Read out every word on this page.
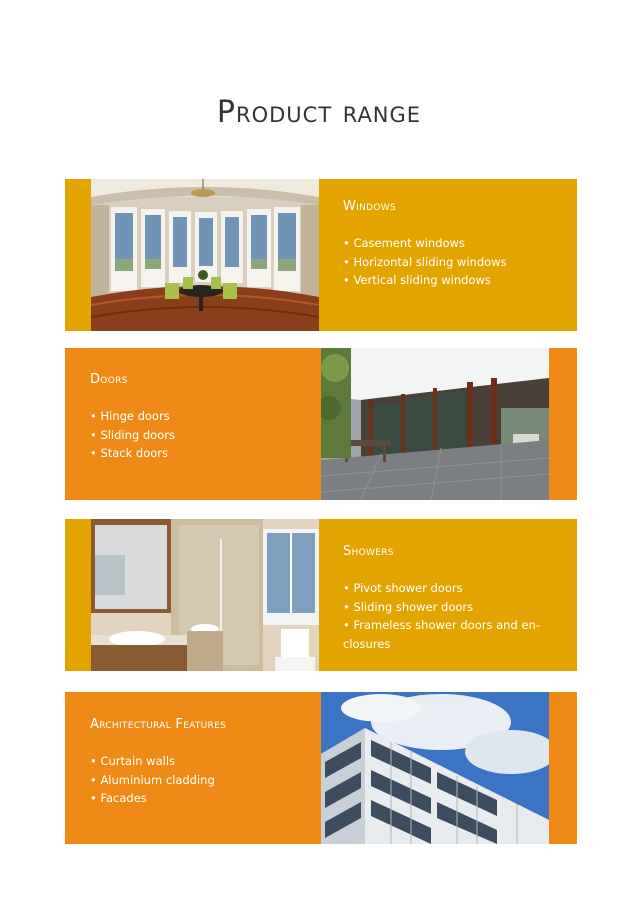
Product range
Windows
• Casement windows
• Horizontal sliding windows
• Vertical sliding windows
Doors
• Hinge doors
• Sliding doors
• Stack doors
Showers
• Pivot shower doors
• Sliding shower doors
• Frameless shower doors and en-
closures
Architectural Features
• Curtain walls
• Aluminium cladding
• Facades
